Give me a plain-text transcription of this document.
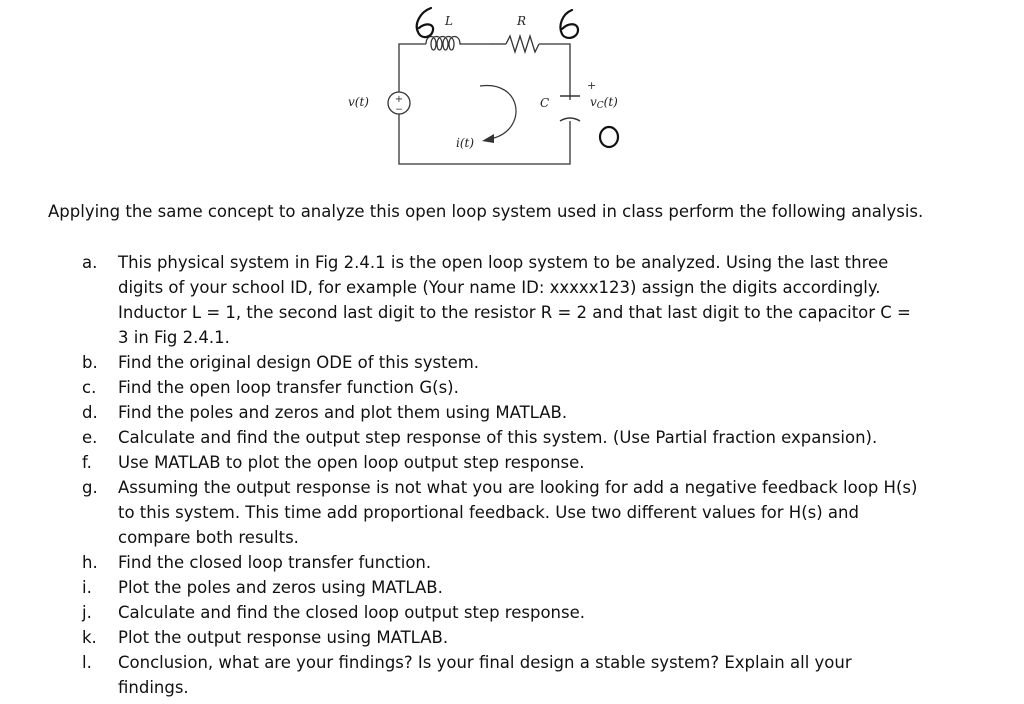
+
−
L	R
C
v(t)
i(t)
+
vC(t)
Applying the same concept to analyze this open loop system used in class perform the following analysis.
a. This physical system in Fig 2.4.1 is the open loop system to be analyzed. Using the last three digits of your school ID, for example (Your name ID: xxxxx123) assign the digits accordingly. Inductor L = 1, the second last digit to the resistor R = 2 and that last digit to the capacitor C = 3 in Fig 2.4.1.
b. Find the original design ODE of this system.
c. Find the open loop transfer function G(s).
d. Find the poles and zeros and plot them using MATLAB.
e. Calculate and find the output step response of this system. (Use Partial fraction expansion).
f. Use MATLAB to plot the open loop output step response.
g. Assuming the output response is not what you are looking for add a negative feedback loop H(s) to this system. This time add proportional feedback. Use two different values for H(s) and compare both results.
h. Find the closed loop transfer function.
i. Plot the poles and zeros using MATLAB.
j. Calculate and find the closed loop output step response.
k. Plot the output response using MATLAB.
l. Conclusion, what are your findings? Is your final design a stable system? Explain all your findings.
